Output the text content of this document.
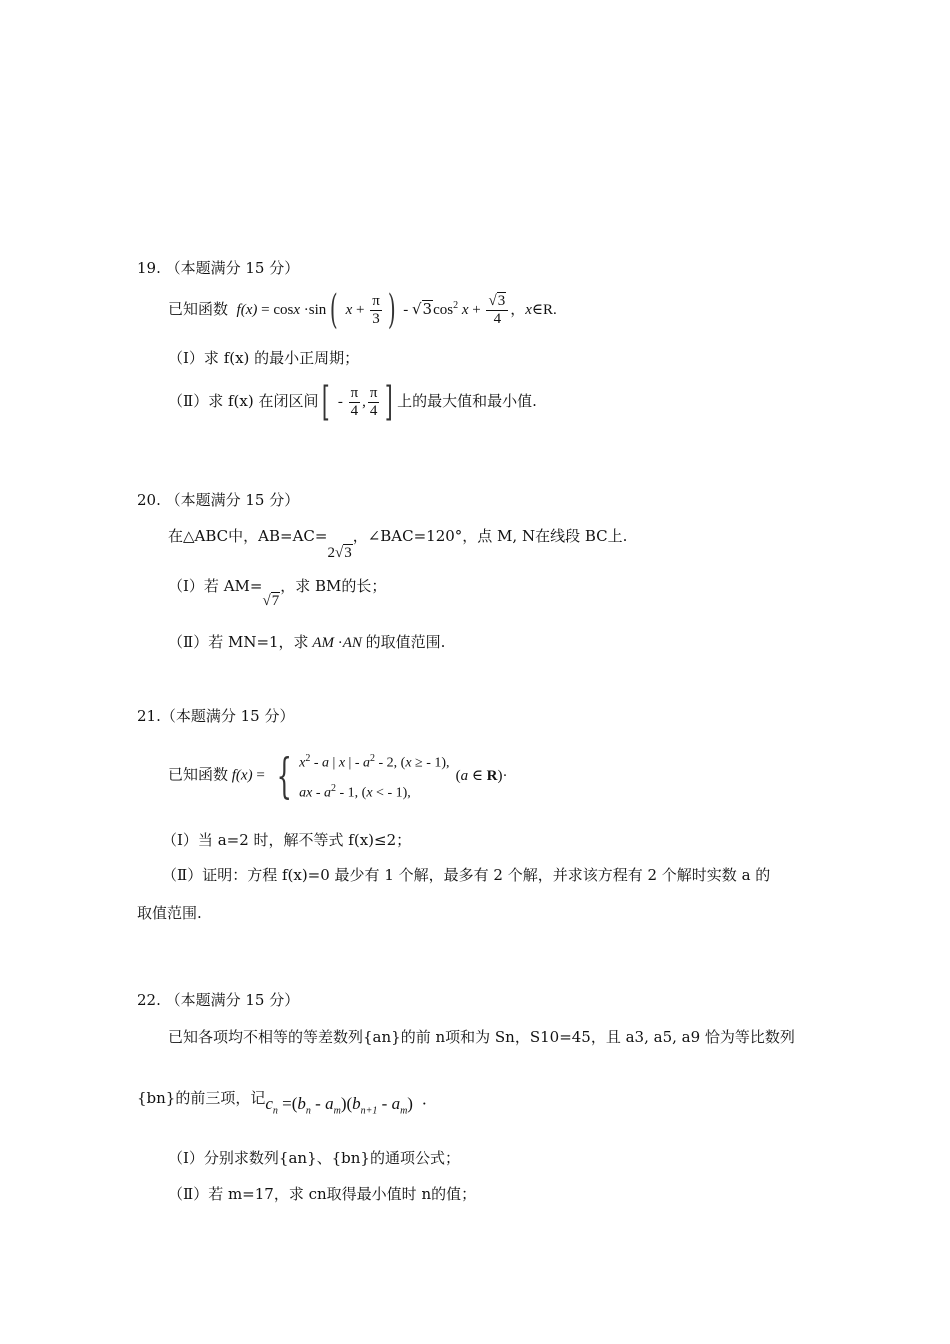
19. （本题满分 15 分）
已知函数  f(x) = cosx ·sin( $x + \frac{\pi}{3}$ ) - $√3\cos^2$ $x + \frac{√3}{4}$ ，x∈R.
（Ⅰ）求 f(x) 的最小正周期；
（Ⅱ）求 f(x) 在闭区间[ - $\frac{\pi}{4}$ , $\frac{\pi}{4}$ ] 上的最大值和最小值.
20. （本题满分 15 分）
在△ABC中，AB=AC=2√3，∠BAC=120°，点 M, N在线段 BC上.
（Ⅰ）若 AM=√7，求 BM的长；
（Ⅱ）若 MN=1，求 AM ·AN 的取值范围.
21.（本题满分 15 分）
已知函数 f(x) = { $x^2$ - a | x | - $a^2 - 2$, (x ≥ - 1),
ax - $a^2 - 1$, (x < - 1),(a ∈ R)·
（Ⅰ）当 a=2 时，解不等式 f(x)≤2；
（Ⅱ）证明：方程 f(x)=0 最少有 1 个解，最多有 2 个解，并求该方程有 2 个解时实数 a 的
取值范围.
22. （本题满分 15 分）
已知各项均不相等的等差数列{an}的前 n项和为 Sn，S10=45，且 a3, a5, a9 恰为等比数列
{bn}的前三项，记$c_n =(b_n - a_m)(b_{n+1} - a_m)$  ·
（Ⅰ）分别求数列{an}、{bn}的通项公式；
（Ⅱ）若 m=17，求 cn取得最小值时 n的值；
